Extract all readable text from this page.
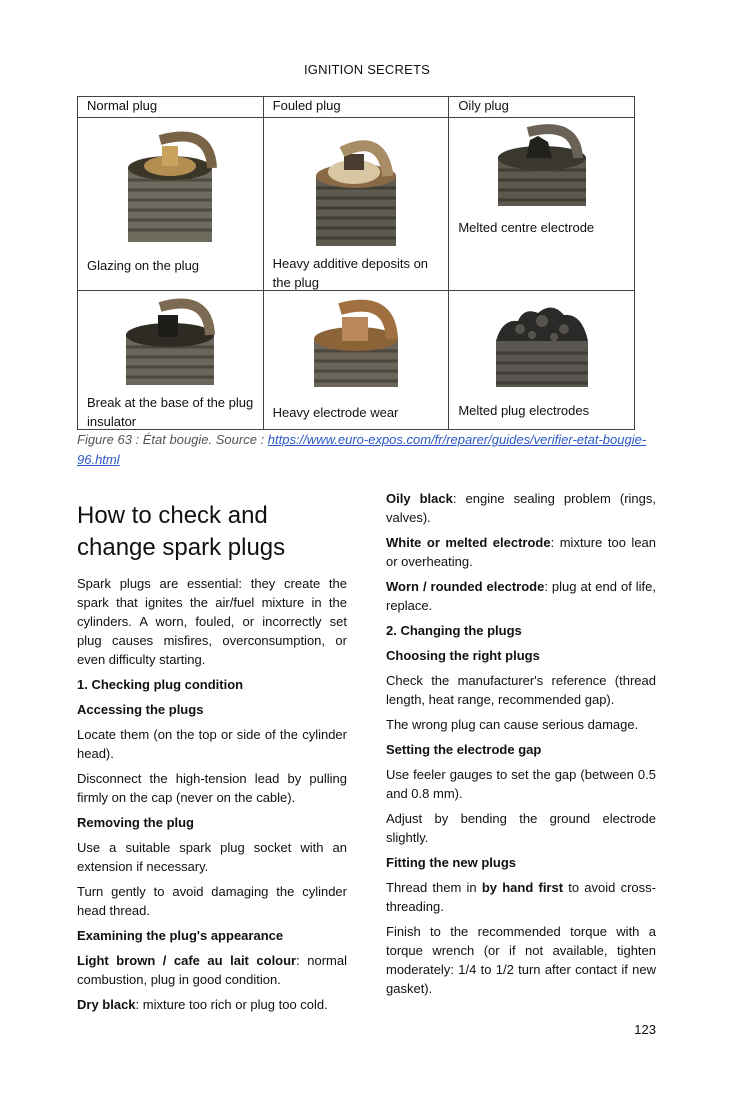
IGNITION SECRETS
Normal plug	Fouled plug	Oily plug

Glazing on the plug	Heavy additive deposits on the plug	Melted centre electrode

Break at the base of the plug insulator	Heavy electrode wear	Melted plug electrodes
Figure 63 : État bougie. Source : https://www.euro-expos.com/fr/reparer/guides/verifier-etat-bougie-96.html
How to check and change spark plugs

Spark plugs are essential: they create the spark that ignites the air/fuel mixture in the cylinders. A worn, fouled, or incorrectly set plug causes misfires, overconsumption, or even difficulty starting.

1. Checking plug condition
Accessing the plugs

Locate them (on the top or side of the cylinder head).

Disconnect the high-tension lead by pulling firmly on the cap (never on the cable).

Removing the plug

Use a suitable spark plug socket with an extension if necessary.

Turn gently to avoid damaging the cylinder head thread.

Examining the plug's appearance

Light brown / cafe au lait colour: normal combustion, plug in good condition.

Dry black: mixture too rich or plug too cold.

Oily black: engine sealing problem (rings, valves).

White or melted electrode: mixture too lean or overheating.

Worn / rounded electrode: plug at end of life, replace.

2. Changing the plugs
Choosing the right plugs

Check the manufacturer's reference (thread length, heat range, recommended gap).

The wrong plug can cause serious damage.

Setting the electrode gap

Use feeler gauges to set the gap (between 0.5 and 0.8 mm).

Adjust by bending the ground electrode slightly.

Fitting the new plugs

Thread them in by hand first to avoid cross-threading.

Finish to the recommended torque with a torque wrench (or if not available, tighten moderately: 1/4 to 1/2 turn after contact if new gasket).

123
